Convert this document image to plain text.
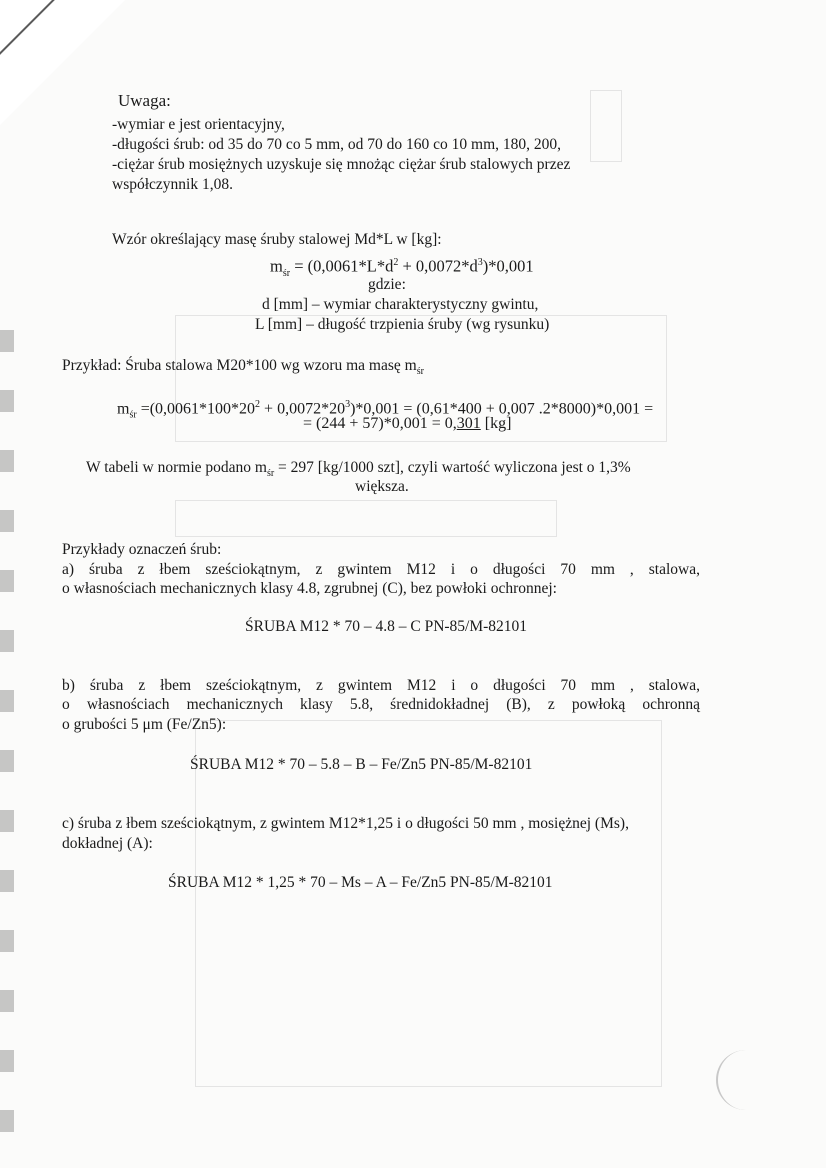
Uwaga:
-wymiar e jest orientacyjny,
-długości śrub: od 35 do 70 co 5 mm, od 70 do 160 co 10 mm, 180, 200,
-ciężar śrub mosiężnych uzyskuje się mnożąc ciężar śrub stalowych przez
współczynnik 1,08.
Wzór określający masę śruby stalowej Md*L w [kg]:
$m_{śr} = (0,0061*L*d^2 + 0,0072*d^3)*0,001$
gdzie:
d [mm] – wymiar charakterystyczny gwintu,
L [mm] – długość trzpienia śruby (wg rysunku)
Przykład: Śruba stalowa M20*100 wg wzoru ma masę $m_{śr}$
$m_{śr} =(0,0061*100*20^2 + 0,0072*20^3)*0,001 = (0,61*400 + 0,007$ .2*8000)*0,001 =
= (244 + 57)*0,001 = 0,301 [kg]
W tabeli w normie podano $m_{śr} = 297$ [kg/1000 szt], czyli wartość wyliczona jest o 1,3%
większa.
Przykłady oznaczeń śrub:
a) śruba z łbem sześciokątnym, z gwintem M12 i o długości 70 mm , stalowa,
o własnościach mechanicznych klasy 4.8, zgrubnej (C), bez powłoki ochronnej:
ŚRUBA M12 * 70 – 4.8 – C PN-85/M-82101
b) śruba z łbem sześciokątnym, z gwintem M12 i o długości 70 mm , stalowa,
o własnościach mechanicznych klasy 5.8, średnidokładnej (B), z powłoką ochronną
o grubości 5 μm (Fe/Zn5):
ŚRUBA M12 * 70 – 5.8 – B – Fe/Zn5 PN-85/M-82101
c) śruba z łbem sześciokątnym, z gwintem M12*1,25 i o długości 50 mm , mosiężnej (Ms),
dokładnej (A):
ŚRUBA M12 * 1,25 * 70 – Ms – A – Fe/Zn5 PN-85/M-82101
